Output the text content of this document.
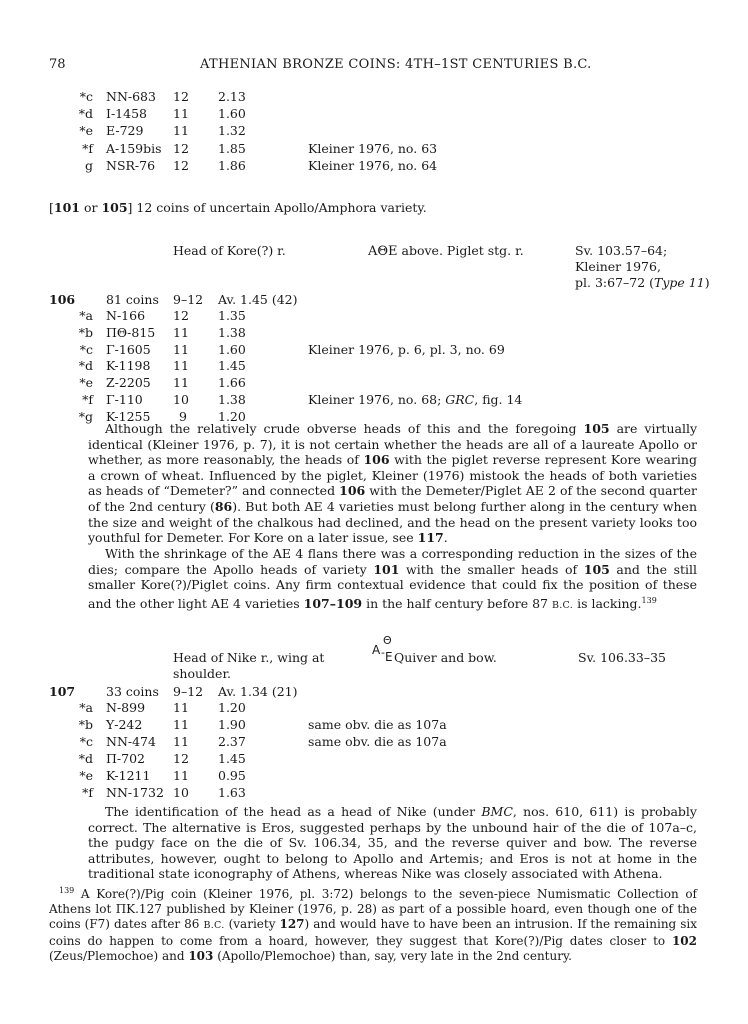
78	ATHENIAN BRONZE COINS: 4TH–1ST CENTURIES B.C.
*c NN-683 12 2.13
*d I-1458 11 1.60
*e E-729 11 1.32
*f A-159bis 12 1.85	Kleiner 1976, no. 63
g NSR-76 12 1.86	Kleiner 1976, no. 64
[101 or 105] 12 coins of uncertain Apollo/Amphora variety.
Head of Kore(?) r.	ΑΘΕ above. Piglet stg. r.	Sv. 103.57–64;
Kleiner 1976,
pl. 3:67–72 (Type 11)
106 81 coins 9–12 Av. 1.45 (42)
*a N-166 12 1.35
*b ΠΘ-815 11 1.38
*c Γ-1605 11 1.60	Kleiner 1976, p. 6, pl. 3, no. 69
*d K-1198 11 1.45
*e Z-2205 11 1.66
*f Γ-110 10 1.38	Kleiner 1976, no. 68; GRC, fig. 14
*g K-1255	9 1.20
Although the relatively crude obverse heads of this and the foregoing 105 are virtually identical (Kleiner 1976, p. 7), it is not certain whether the heads are all of a laureate Apollo or whether, as more reasonably, the heads of 106 with the piglet reverse represent Kore wearing a crown of wheat. Influenced by the piglet, Kleiner (1976) mistook the heads of both varieties as heads of “Demeter?” and connected 106 with the Demeter/Piglet AE 2 of the second quarter of the 2nd century (86). But both AE 4 varieties must belong further along in the century when the size and weight of the chalkous had declined, and the head on the present variety looks too youthful for Demeter. For Kore on a later issue, see 117.
With the shrinkage of the AE 4 flans there was a corresponding reduction in the sizes of the dies; compare the Apollo heads of variety 101 with the smaller heads of 105 and the still smaller Kore(?)/Piglet coins. Any firm contextual evidence that could fix the position of these and the other light AE 4 varieties 107–109 in the half century before 87 B.C. is lacking.$^{139}$
Head of Nike r., wing at
shoulder.
Θ
Α - Ε Quiver and bow.	Sv. 106.33–35
107 33 coins 9–12 Av. 1.34 (21)
*a N-899 11 1.20
*b Υ-242 11 1.90	same obv. die as 107a
*c NN-474 11 2.37	same obv. die as 107a
*d Π-702 12 1.45
*e K-1211 11 0.95
*f NN-1732 10 1.63
The identification of the head as a head of Nike (under BMC, nos. 610, 611) is probably correct. The alternative is Eros, suggested perhaps by the unbound hair of the die of 107a–c, the pudgy face on the die of Sv. 106.34, 35, and the reverse quiver and bow. The reverse attributes, however, ought to belong to Apollo and Artemis; and Eros is not at home in the traditional state iconography of Athens, whereas Nike was closely associated with Athena.
$^{139}$ A Kore(?)/Pig coin (Kleiner 1976, pl. 3:72) belongs to the seven-piece Numismatic Collection of Athens lot ΠΚ.127 published by Kleiner (1976, p. 28) as part of a possible hoard, even though one of the coins (F7) dates after 86 B.C. (variety 127) and would have to have been an intrusion. If the remaining six coins do happen to come from a hoard, however, they suggest that Kore(?)/Pig dates closer to 102 (Zeus/Plemochoe) and 103 (Apollo/Plemochoe) than, say, very late in the 2nd century.
